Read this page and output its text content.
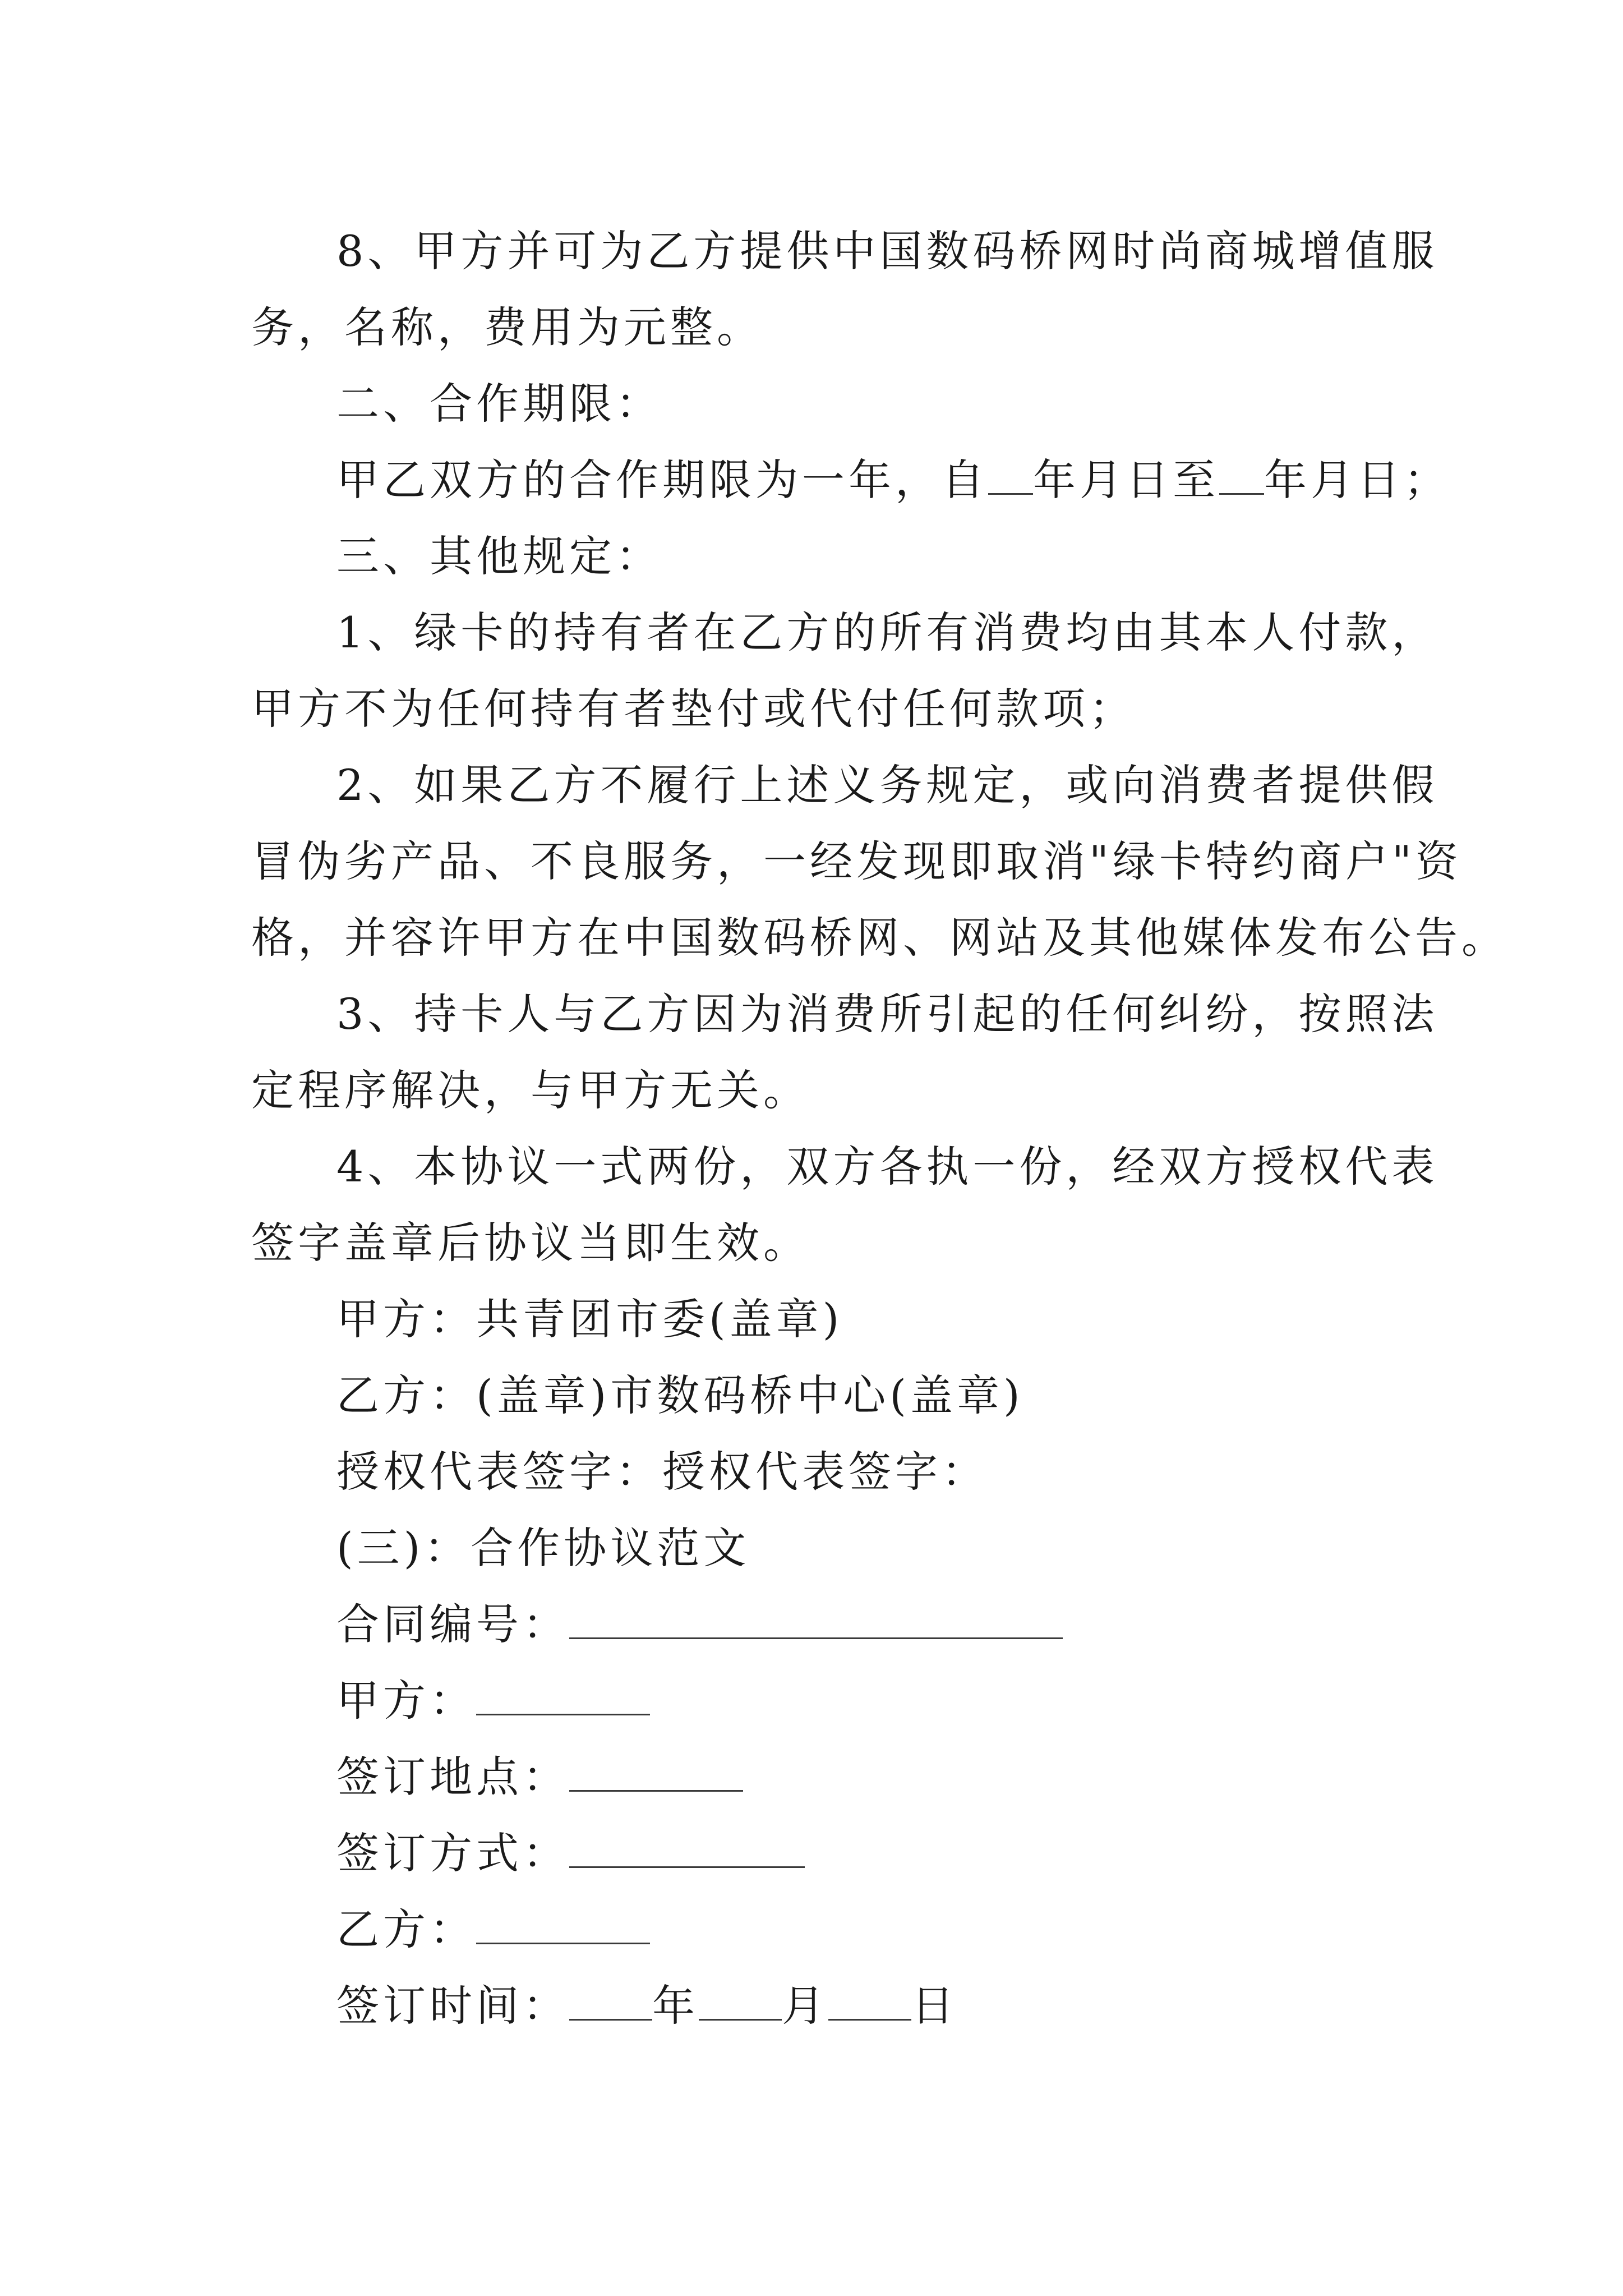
8、甲方并可为乙方提供中国数码桥网时尚商城增值服

务，名称，费用为元整。

二、合作期限：

甲乙双方的合作期限为一年，自 年月日至 年月日；

三、其他规定：

1、绿卡的持有者在乙方的所有消费均由其本人付款，

甲方不为任何持有者垫付或代付任何款项；

2、如果乙方不履行上述义务规定，或向消费者提供假

冒伪劣产品、不良服务，一经发现即取消"绿卡特约商户"资

格，并容许甲方在中国数码桥网、网站及其他媒体发布公告。

3、持卡人与乙方因为消费所引起的任何纠纷，按照法

定程序解决，与甲方无关。

4、本协议一式两份，双方各执一份，经双方授权代表

签字盖章后协议当即生效。

甲方：共青团市委(盖章)

乙方：(盖章)市数码桥中心(盖章)

授权代表签字：授权代表签字：

(三)：合作协议范文

合同编号：

甲方：

签订地点：

签订方式：

乙方：

签订时间： 年 月 日
